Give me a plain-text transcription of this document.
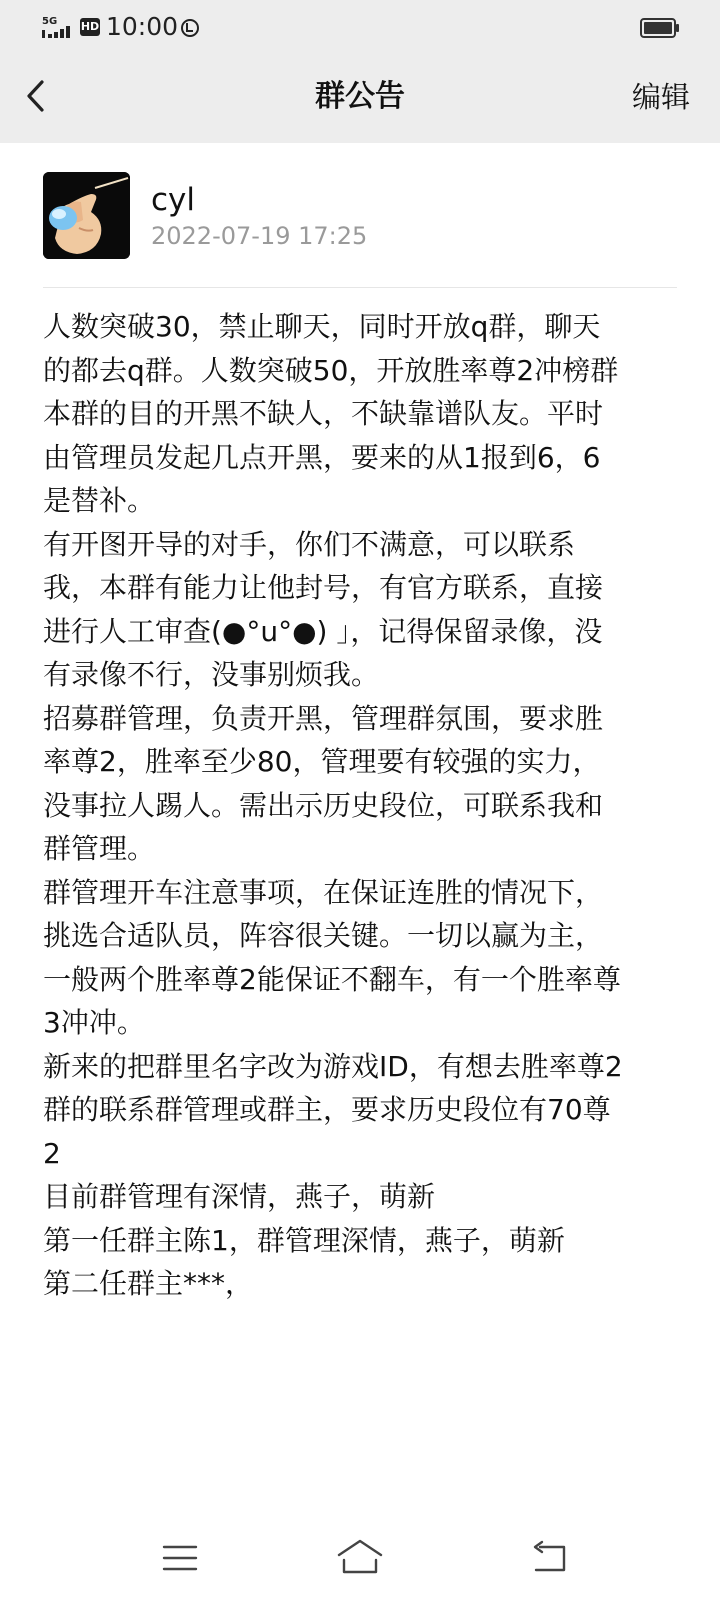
5G HD 10:00
群公告	编辑
cyl
2022-07-19 17:25
人数突破30，禁止聊天，同时开放q群，聊天
的都去q群。人数突破50，开放胜率尊2冲榜群
本群的目的开黑不缺人，不缺靠谱队友。平时
由管理员发起几点开黑，要来的从1报到6，6
是替补。
有开图开导的对手，你们不满意，可以联系
我，本群有能力让他封号，有官方联系，直接
进行人工审查(●°u°●) 」，记得保留录像，没
有录像不行，没事别烦我。
招募群管理，负责开黑，管理群氛围，要求胜
率尊2，胜率至少80，管理要有较强的实力，
没事拉人踢人。需出示历史段位，可联系我和
群管理。
群管理开车注意事项，在保证连胜的情况下，
挑选合适队员，阵容很关键。一切以赢为主，
一般两个胜率尊2能保证不翻车，有一个胜率尊
3冲冲。
新来的把群里名字改为游戏ID，有想去胜率尊2
群的联系群管理或群主，要求历史段位有70尊
2
目前群管理有深情，燕子，萌新
第一任群主陈1，群管理深情，燕子，萌新
第二任群主***，
